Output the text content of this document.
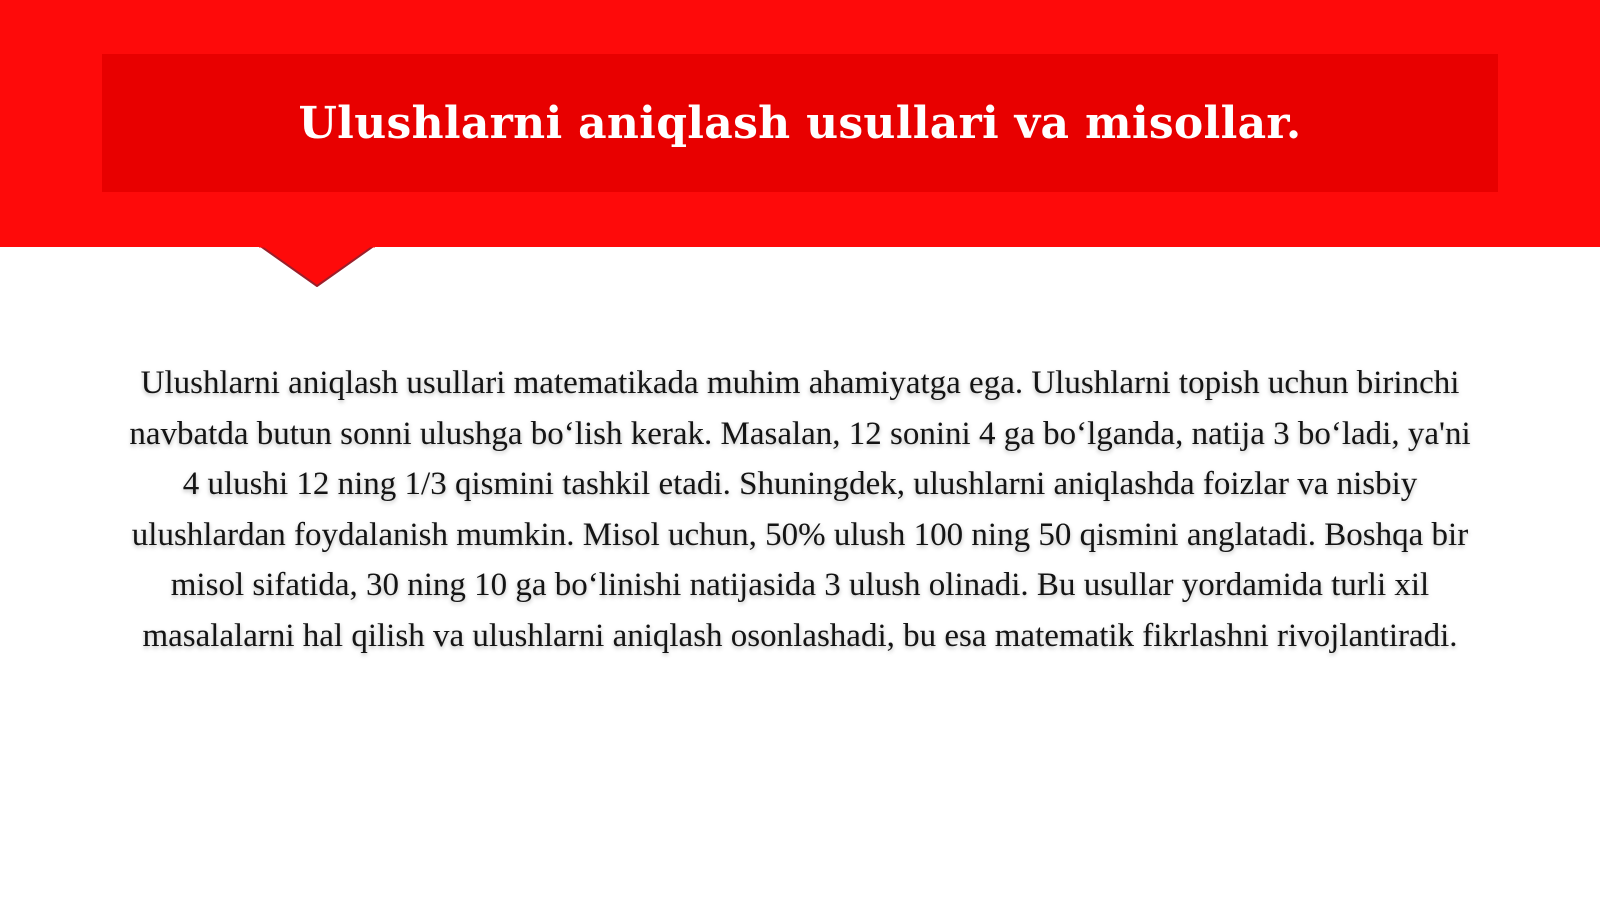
Ulushlarni aniqlash usullari va misollar.

Ulushlarni aniqlash usullari matematikada muhim ahamiyatga ega. Ulushlarni topish uchun birinchi navbatda butun sonni ulushga bo‘lish kerak. Masalan, 12 sonini 4 ga bo‘lganda, natija 3 bo‘ladi, ya'ni 4 ulushi 12 ning 1/3 qismini tashkil etadi. Shuningdek, ulushlarni aniqlashda foizlar va nisbiy ulushlardan foydalanish mumkin. Misol uchun, 50% ulush 100 ning 50 qismini anglatadi. Boshqa bir misol sifatida, 30 ning 10 ga bo‘linishi natijasida 3 ulush olinadi. Bu usullar yordamida turli xil masalalarni hal qilish va ulushlarni aniqlash osonlashadi, bu esa matematik fikrlashni rivojlantiradi.
